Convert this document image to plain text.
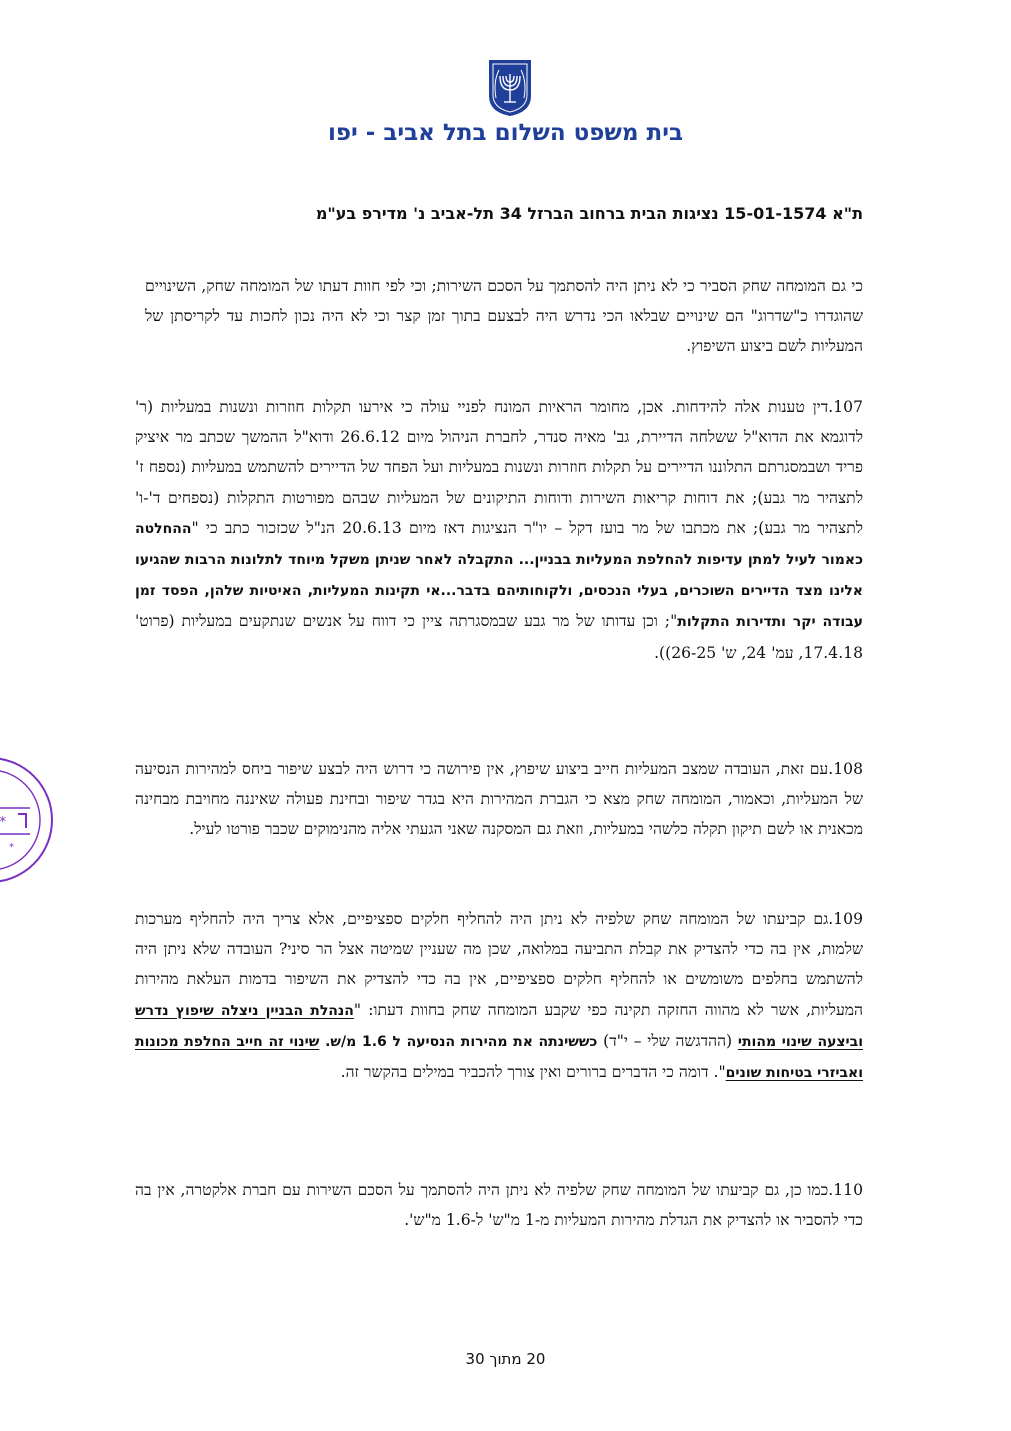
בית משפט השלום בתל אביב - יפו

ת"א 15-01-1574 נציגות הבית ברחוב הברזל 34 תל-אביב נ' מדירפ בע"מ

כי גם המומחה שחק הסביר כי לא ניתן היה להסתמך על הסכם השירות; וכי לפי חוות דעתו של המומחה שחק, השינויים שהוגדרו כ"שדרוג" הם שינויים שבלאו הכי נדרש היה לבצעם בתוך זמן קצר וכי לא היה נכון לחכות עד לקריסתן של המעליות לשם ביצוע השיפוץ.

107.דין טענות אלה להידחות. אכן, מחומר הראיות המונח לפניי עולה כי אירעו תקלות חוזרות ונשנות במעליות (ר' לדוגמא את הדוא"ל ששלחה הדיירת, גב' מאיה סנדר, לחברת הניהול מיום 26.6.12 ודוא"ל ההמשך שכתב מר איציק פריד ושבמסגרתם התלוננו הדיירים על תקלות חוזרות ונשנות במעליות ועל הפחד של הדיירים להשתמש במעליות (נספח ז' לתצהיר מר גבע); את דוחות קריאות השירות ודוחות התיקונים של המעליות שבהם מפורטות התקלות (נספחים ד'-ו' לתצהיר מר גבע); את מכתבו של מר בועז דקל – יו"ר הנציגות דאז מיום 20.6.13 הנ"ל שכזכור כתב כי "ההחלטה כאמור לעיל למתן עדיפות להחלפת המעליות בבניין... התקבלה לאחר שניתן משקל מיוחד לתלונות הרבות שהגיעו אלינו מצד הדיירים השוכרים, בעלי הנכסים, ולקוחותיהם בדבר...אי תקינות המעליות, האיטיות שלהן, הפסד זמן עבודה יקר ותדירות התקלות"; וכן עדותו של מר גבע שבמסגרתה ציין כי דווח על אנשים שנתקעים במעליות (פרוט' 17.4.18, עמ' 24, ש' 26-25)).

108.עם זאת, העובדה שמצב המעליות חייב ביצוע שיפוץ, אין פירושה כי דרוש היה לבצע שיפור ביחס למהירות הנסיעה של המעליות, וכאמור, המומחה שחק מצא כי הגברת המהירות היא בגדר שיפור ובחינת פעולה שאיננה מחויבת מבחינה מכאנית או לשם תיקון תקלה כלשהי במעליות, וזאת גם המסקנה שאני הגעתי אליה מהנימוקים שכבר פורטו לעיל.

109.גם קביעתו של המומחה שחק שלפיה לא ניתן היה להחליף חלקים ספציפיים, אלא צריך היה להחליף מערכות שלמות, אין בה כדי להצדיק את קבלת התביעה במלואה, שכן מה שעניין שמיטה אצל הר סיני? העובדה שלא ניתן היה להשתמש בחלפים משומשים או להחליף חלקים ספציפיים, אין בה כדי להצדיק את השיפור בדמות העלאת מהירות המעליות, אשר לא מהווה החזקה תקינה כפי שקבע המומחה שחק בחוות דעתו: "הנהלת הבניין ניצלה שיפוץ נדרש וביצעה שינוי מהותי (ההדגשה שלי – י"ד) כששינתה את מהירות הנסיעה ל 1.6 מ/ש. שינוי זה חייב החלפת מכונות ואביזרי בטיחות שונים". דומה כי הדברים ברורים ואין צורך להכביר במילים בהקשר זה.

110.כמו כן, גם קביעתו של המומחה שחק שלפיה לא ניתן היה להסתמך על הסכם השירות עם חברת אלקטרה, אין בה כדי להסביר או להצדיק את הגדלת מהירות המעליות מ-1 מ"ש' ל-1.6 מ"ש'.

*
*

20 מתוך 30
